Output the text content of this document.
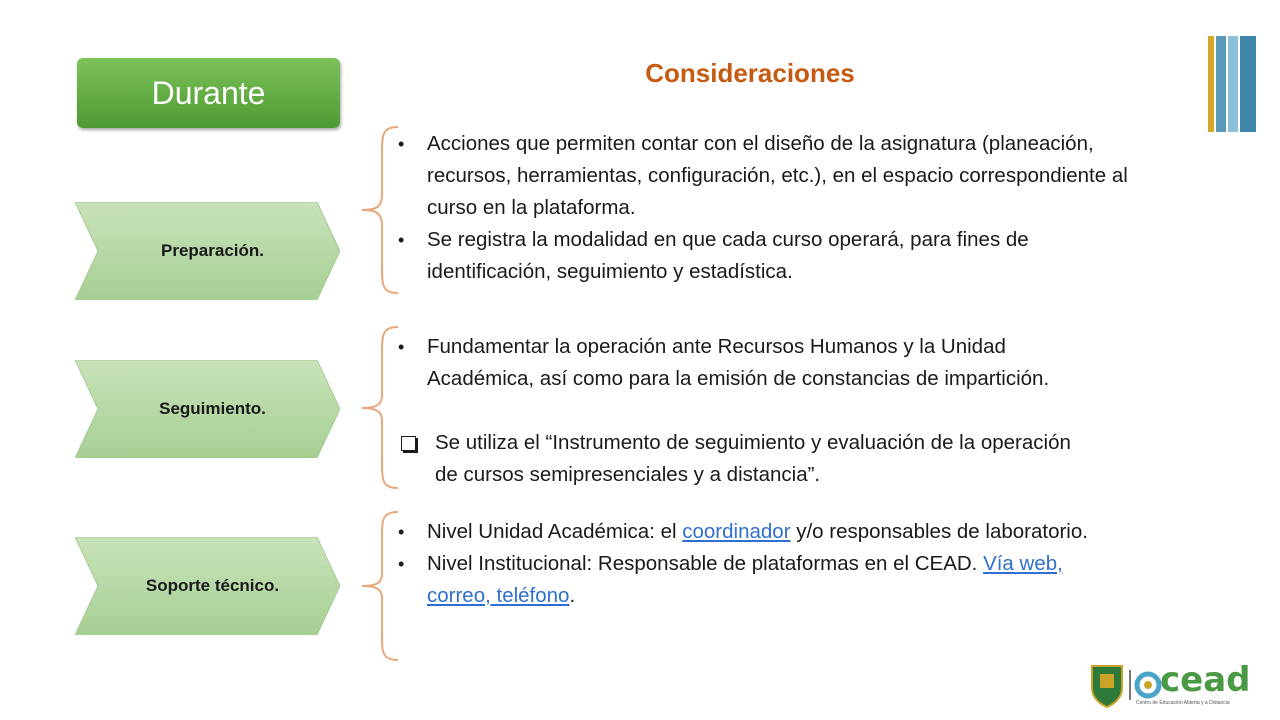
Durante
Consideraciones
Preparación.
Seguimiento.
Soporte técnico.
• Acciones que permiten contar con el diseño de la asignatura (planeación, recursos, herramientas, configuración, etc.), en el espacio correspondiente al curso en la plataforma.
• Se registra la modalidad en que cada curso operará, para fines de identificación, seguimiento y estadística.
• Fundamentar la operación ante Recursos Humanos y la Unidad Académica, así como para la emisión de constancias de impartición.
Se utiliza el “Instrumento de seguimiento y evaluación de la operación de cursos semipresenciales y a distancia”.
• Nivel Unidad Académica: el coordinador y/o responsables de laboratorio.
• Nivel Institucional: Responsable de plataformas en el CEAD. Vía web, correo, teléfono.
cead
Centro de Educación Abierta y a Distancia
